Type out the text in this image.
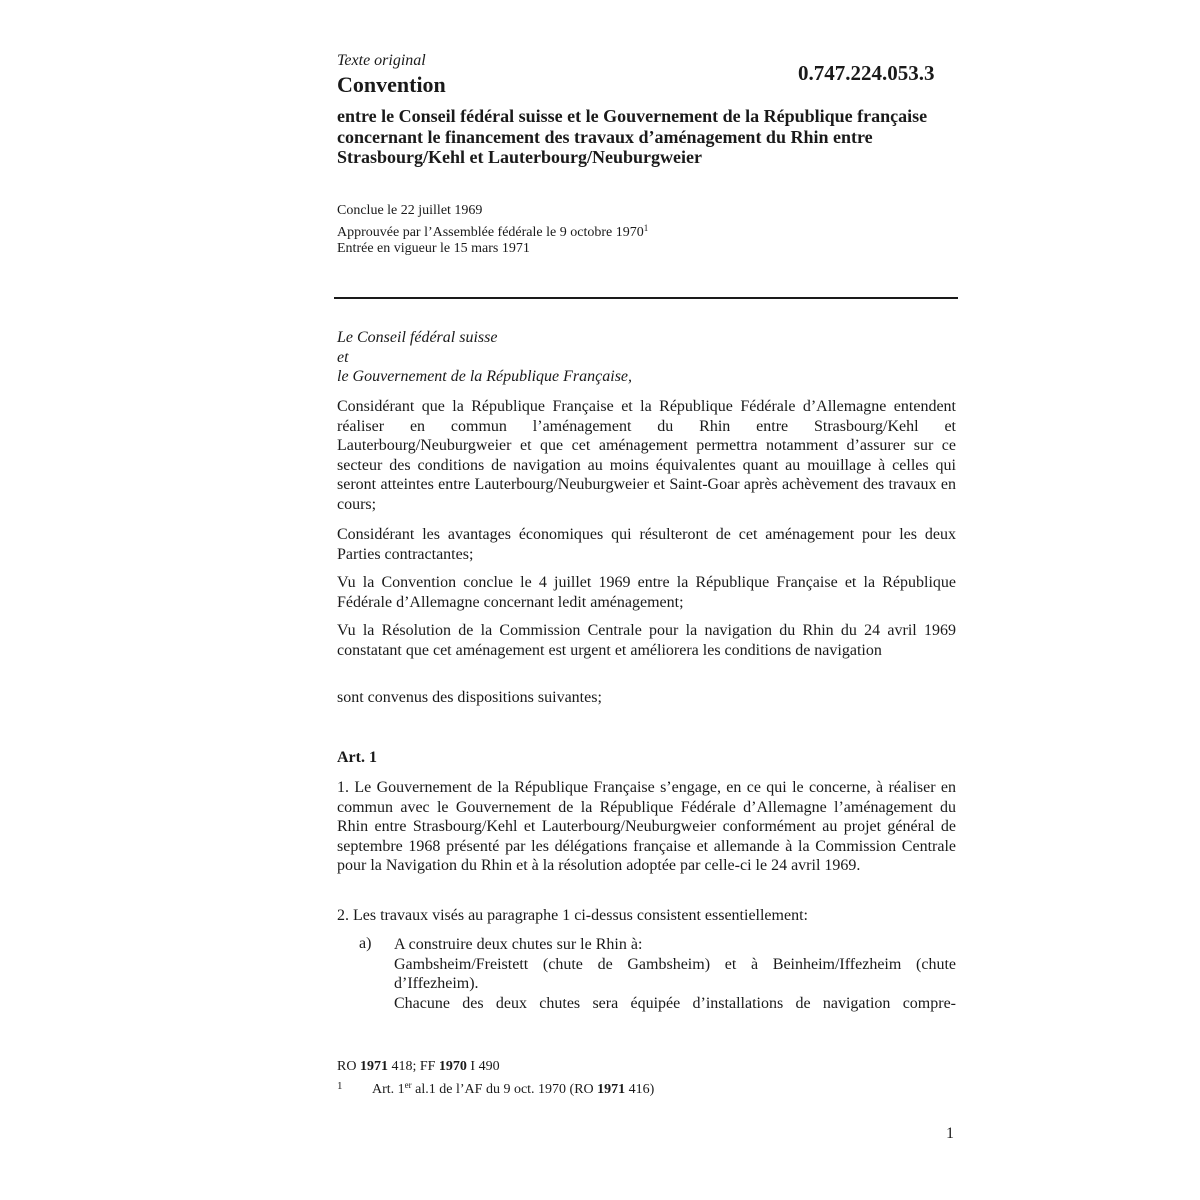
Texte original
Convention	0.747.224.053.3
entre le Conseil fédéral suisse et le Gouvernement de la République française concernant le financement des travaux d’aménagement du Rhin entre Strasbourg/Kehl et Lauterbourg/Neuburgweier
Conclue le 22 juillet 1969
Approuvée par l’Assemblée fédérale le 9 octobre 1970$^1$
Entrée en vigueur le 15 mars 1971
Le Conseil fédéral suisse
et
le Gouvernement de la République Française,
Considérant que la République Française et la République Fédérale d’Allemagne entendent réaliser en commun l’aménagement du Rhin entre Strasbourg/Kehl et Lauterbourg/Neuburgweier et que cet aménagement permettra notamment d’assurer sur ce secteur des conditions de navigation au moins équivalentes quant au mouillage à celles qui seront atteintes entre Lauterbourg/Neuburgweier et Saint-Goar après achèvement des travaux en cours;
Considérant les avantages économiques qui résulteront de cet aménagement pour les deux Parties contractantes;
Vu la Convention conclue le 4 juillet 1969 entre la République Française et la République Fédérale d’Allemagne concernant ledit aménagement;
Vu la Résolution de la Commission Centrale pour la navigation du Rhin du 24 avril 1969 constatant que cet aménagement est urgent et améliorera les conditions de navigation
sont convenus des dispositions suivantes;
Art. 1
1. Le Gouvernement de la République Française s’engage, en ce qui le concerne, à réaliser en commun avec le Gouvernement de la République Fédérale d’Allemagne l’aménagement du Rhin entre Strasbourg/Kehl et Lauterbourg/Neuburgweier conformément au projet général de septembre 1968 présenté par les délégations française et allemande à la Commission Centrale pour la Navigation du Rhin et à la résolution adoptée par celle-ci le 24 avril 1969.
2. Les travaux visés au paragraphe 1 ci-dessus consistent essentiellement:
a) A construire deux chutes sur le Rhin à:
Gambsheim/Freistett (chute de Gambsheim) et à Beinheim/Iffezheim (chute d’Iffezheim).
Chacune des deux chutes sera équipée d’installations de navigation compre-
RO 1971 418; FF 1970 I 490
1 Art. 1er al.1 de l’AF du 9 oct. 1970 (RO 1971 416)
1
